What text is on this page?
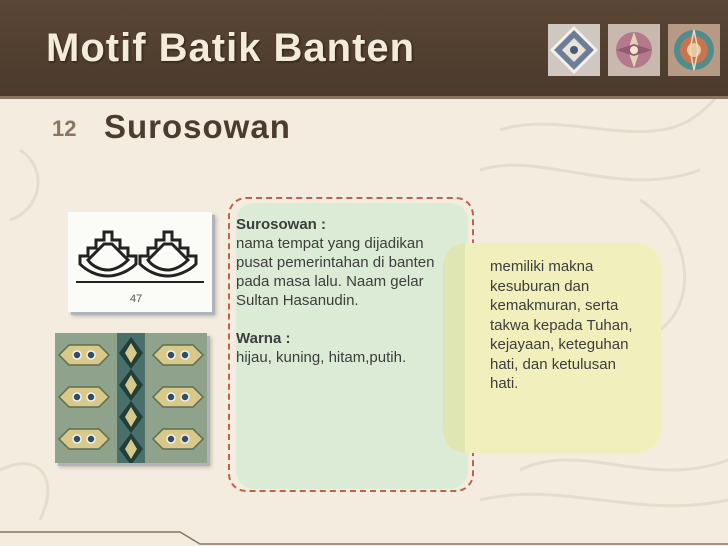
Motif Batik Banten
12 Surosowan
47
Surosowan :
nama tempat yang dijadikan pusat pemerintahan di banten pada masa lalu. Naam gelar Sultan Hasanudin.
Warna :
hijau, kuning, hitam,putih.
memiliki makna kesuburan dan kemakmuran, serta takwa kepada Tuhan, kejayaan, keteguhan hati, dan ketulusan hati.
